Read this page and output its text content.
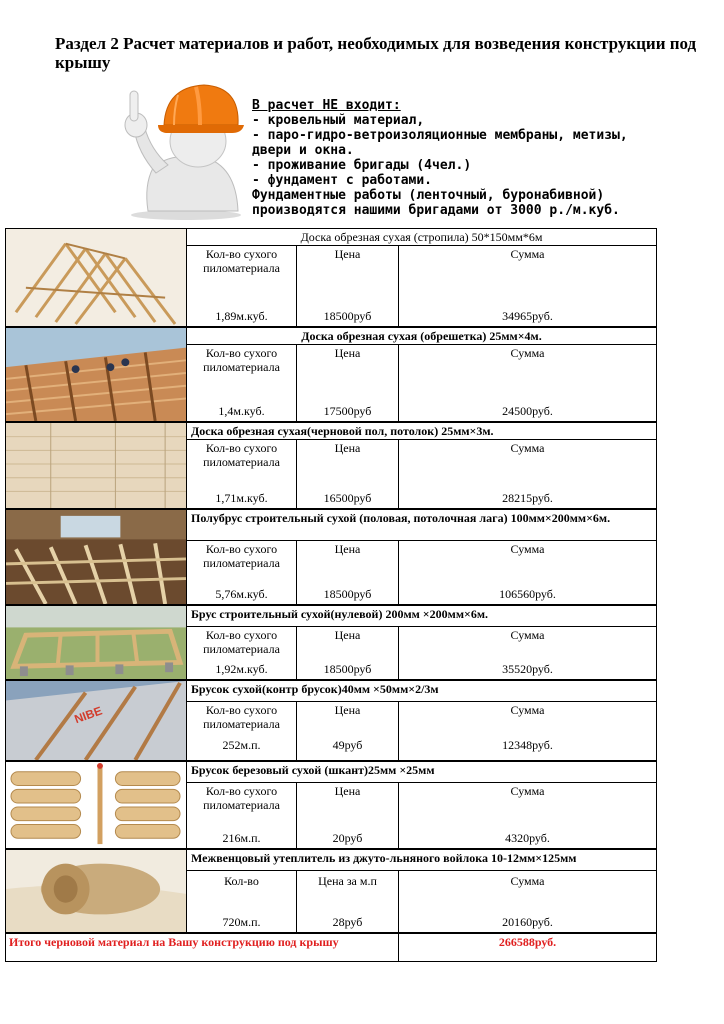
Раздел 2 Расчет материалов и работ, необходимых для возведения конструкции под крышу
В расчет НЕ входит:
- кровельный материал,
- паро-гидро-ветроизоляционные мембраны, метизы,
двери и окна.
- проживание бригады (4чел.)
- фундамент с работами.
Фундаментные работы (ленточный, буронабивной)
производятся нашими бригадами от 3000 р./м.куб.
Доска обрезная сухая (стропила) 50*150мм*6м
Кол-во сухого пиломатериала
1,89м.куб.
Цена
18500руб
Сумма
34965руб.
Доска обрезная сухая (обрешетка) 25мм×4м.
Кол-во сухого пиломатериала
1,4м.куб.
Цена
17500руб
Сумма
24500руб.
Доска обрезная сухая(черновой пол, потолок) 25мм×3м.
Кол-во сухого пиломатериала
1,71м.куб.
Цена
16500руб
Сумма
28215руб.
Полубрус строительный сухой (половая, потолочная лага) 100мм×200мм×6м.
Кол-во сухого пиломатериала
5,76м.куб.
Цена
18500руб
Сумма
106560руб.
Брус строительный сухой(нулевой) 200мм ×200мм×6м.
Кол-во сухого пиломатериала
1,92м.куб.
Цена
18500руб
Сумма
35520руб.
NIBE
Брусок сухой(контр брусок)40мм ×50мм×2/3м
Кол-во сухого пиломатериала
252м.п.
Цена
49руб
Сумма
12348руб.
Брусок березовый сухой (шкант)25мм ×25мм
Кол-во сухого пиломатериала
216м.п.
Цена
20руб
Сумма
4320руб.
Межвенцовый утеплитель из джуто-льняного войлока 10-12мм×125мм
Кол-во
720м.п.
Цена за м.п
28руб
Сумма
20160руб.
Итого черновой материал на Вашу конструкцию под крышу	266588руб.
